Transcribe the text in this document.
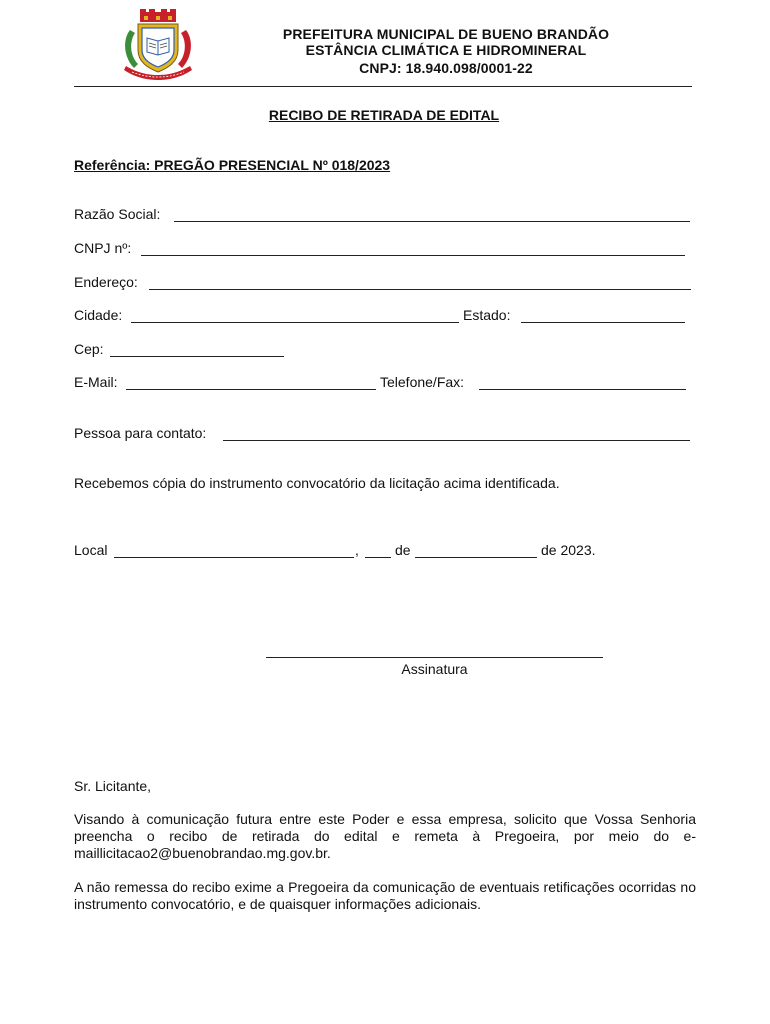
PREFEITURA MUNICIPAL DE BUENO BRANDÃO
ESTÂNCIA CLIMÁTICA E HIDROMINERAL
CNPJ: 18.940.098/0001-22
RECIBO DE RETIRADA DE EDITAL
Referência: PREGÃO PRESENCIAL Nº 018/2023
Razão Social:
CNPJ nº:
Endereço:
Cidade:	Estado:
Cep:
E-Mail:	Telefone/Fax:
Pessoa para contato:
Recebemos cópia do instrumento convocatório da licitação acima identificada.
Local	,	de	de 2023.
Assinatura
Sr. Licitante,
Visando à comunicação futura entre este Poder e essa empresa, solicito que Vossa Senhoria preencha o recibo de retirada do edital e remeta à Pregoeira, por meio do e-maillicitacao2@buenobrandao.mg.gov.br.
A não remessa do recibo exime a Pregoeira da comunicação de eventuais retificações ocorridas no instrumento convocatório, e de quaisquer informações adicionais.
